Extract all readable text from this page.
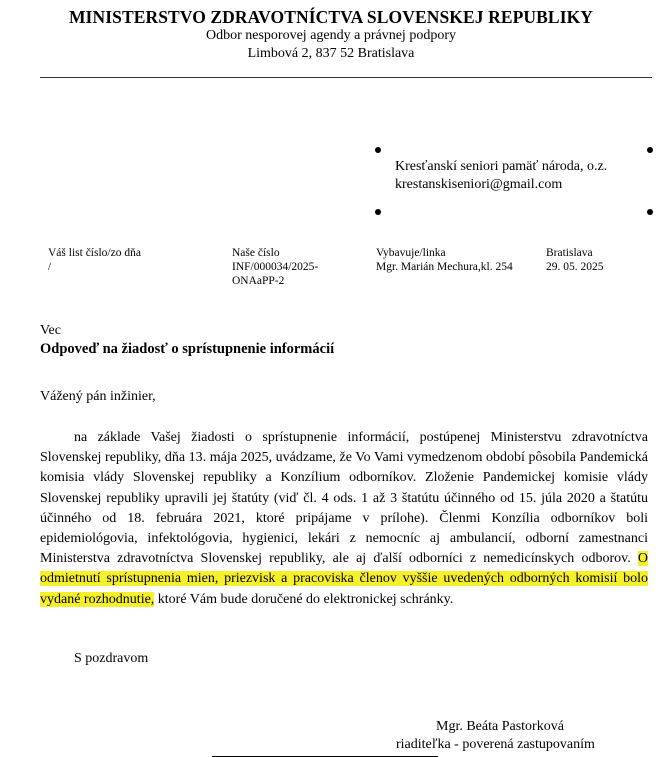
MINISTERSTVO ZDRAVOTNÍCTVA SLOVENSKEJ REPUBLIKY
Odbor nesporovej agendy a právnej podpory
Limbová 2, 837 52 Bratislava
Kresťanskí seniori pamäť národa, o.z.
krestanskiseniori@gmail.com
Váš list číslo/zo dňa
/
Naše číslo
INF/000034/2025-
ONAaPP-2
Vybavuje/linka
Mgr. Marián Mechura,kl. 254
Bratislava
29. 05. 2025
Vec
Odpoveď na žiadosť o sprístupnenie informácií
Vážený pán inžinier,
na základe Vašej žiadosti o sprístupnenie informácií, postúpenej Ministerstvu zdravotníctva Slovenskej republiky, dňa 13. mája 2025, uvádzame, že Vo Vami vymedzenom období pôsobila Pandemická komisia vlády Slovenskej republiky a Konzílium odborníkov. Zloženie Pandemickej komisie vlády Slovenskej republiky upravili jej štatúty (viď čl. 4 ods. 1 až 3 štatútu účinného od 15. júla 2020 a štatútu účinného od 18. februára 2021, ktoré pripájame v prílohe). Členmi Konzília odborníkov boli epidemiológovia, infektológovia, hygienici, lekári z nemocníc aj ambulancií, odborní zamestnanci Ministerstva zdravotníctva Slovenskej republiky, ale aj ďalší odborníci z nemedicínskych odborov. O odmietnutí sprístupnenia mien, priezvisk a pracoviska členov vyššie uvedených odborných komisií bolo vydané rozhodnutie, ktoré Vám bude doručené do elektronickej schránky.
S pozdravom
Mgr. Beáta Pastorková
riaditeľka - poverená zastupovaním
